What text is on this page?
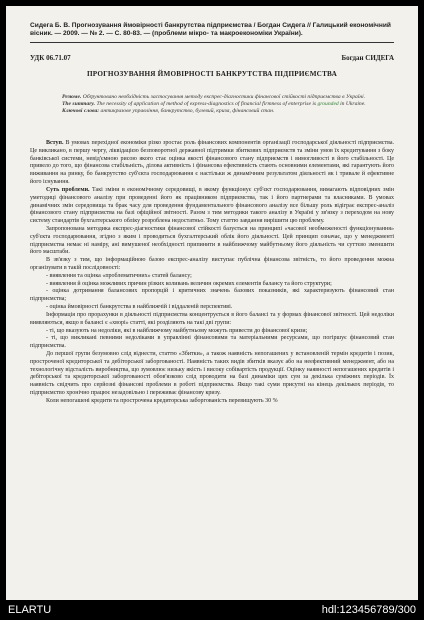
Сидега Б. В. Прогнозування ймовірності банкрутства підприємства / Богдан Сидега // Галицький економічний вісник. — 2009. — № 2. — С. 80-83. — (проблеми мікро- та макроекономіки України).
УДК 06.71.07	Богдан СИДЕГА
ПРОГНОЗУВАННЯ ЙМОВІРНОСТІ БАНКРУТСТВА ПІДПРИЄМСТВА
Резюме. Обґрунтовано необхідність застосування методу експрес-діагностики фінансової стійкості підприємства в Україні.
The summary. The necessity of application of method of express-diagnostics of financial firmness of enterprise is grounded in Ukraine.
Ключові слова: антикризове управління, банкрутство, булевий, криза, фінансовий стан.

Вступ. В умовах перехідної економіки різко зростає роль фінансових компонентів організації господарської діяльності підприємства. Це викликано, в першу чергу, ліквідацією безповоротної державної підтримки збиткових підприємств та зміни умов їх кредитування з боку банківської системи, невід'ємною рисою якого стає оцінка якості фінансового стану підприємств і вимогливості в його стабільності. Це привело до того, що фінансова стабільність, ділова активність і фінансова ефективність стають основними елементами, які гарантують його виживання на ринку, бо банкрутство суб'єкта господарювання є настільки ж динамічним результатом діяльності як і тривале й ефективне його існування.

Суть проблеми. Такі зміни в економічному середовищі, в якому функціонує суб'єкт господарювання, вимагають відповідних змін уметодиці фінансового аналізу при проведенні його як працівником підприємства, так і його партнерами та власниками. В умовах динамічних змін середовища та брак часу для проведення фундаментального фінансового аналізу все більшу роль відіграє експрес-аналіз фінансового стану підприємства на базі офіційної звітності. Разом з тим методики такого аналізу в Україні у зв'язку з переходом на нову систему стандартів бухгалтерського обліку розроблена недостатньо. Тому статтю завдання вирішити цю проблему.

Запропонована методика експрес-діагностики фінансової стійкості базується на принципі «часової необмеженості функціонування» суб'єкта господарювання, згідно з яким і проводиться бухгалтерський облік його діяльності. Цей принцип означає, що у менеджменті підприємства немає ні наміру, ані вимушеної необхідності припинити в найближчому майбутньому його діяльність чи суттєво зменшити його масштаби.

В зв'язку з тим, що інформаційною базою експрес-аналізу виступає публічна фінансова звітність, то його проведення можна організувати в такій послідовності:

- виявлення та оцінка «проблематичних» статей балансу;

- виявлення й оцінка можливих причин різких коливань величин окремих елементів балансу та його структури;

- оцінка дотримання балансових пропорцій і критичних значень базових показників, які характеризують фінансовий стан підприємства;

- оцінка ймовірності банкрутства в найближчій і віддаленій перспективі.

Інформація про прорахунки в діяльності підприємства концентрується в його балансі та у формах фінансової звітності. Цей недоліки виявляються, якщо в балансі є «хворі» статті, які розділяють на такі дві групи:

- ті, що вказують на недоліки, які в найближчому майбутньому можуть привести до фінансової кризи;

- ті, що викликані певними недоліками в управлінні фінансовими та матеріальними ресурсами, що погіршує фінансовий стан підприємства.

До першої групи безумовно слід віднести, статтю «Збитки», а також наявність непогашених у встановленій термін кредитів і позик, простроченої кредиторської та дебіторської заборгованості. Наявність таких видів збитків вказує або на неефективний менеджмент, або на технологічну відсталість виробництва, що зумовлює низьку якість і високу собівартість продукції. Оцінку наявності непогашених кредитів і дебіторської та кредиторської заборгованості обов'язково слід проводити на базі динаміки цих сум за декілька суміжних періодів. Їх наявність свідчить про серйозні фінансові проблеми в роботі підприємства. Якщо такі суми присутні на кінець декількох періодів, то підприємство хронічно працює незадовільно і переживає фінансову кризу.

Коли непогашені кредити та прострочена кредиторська заборгованість перевищують 30 %

ELARTU	hdl:123456789/300
